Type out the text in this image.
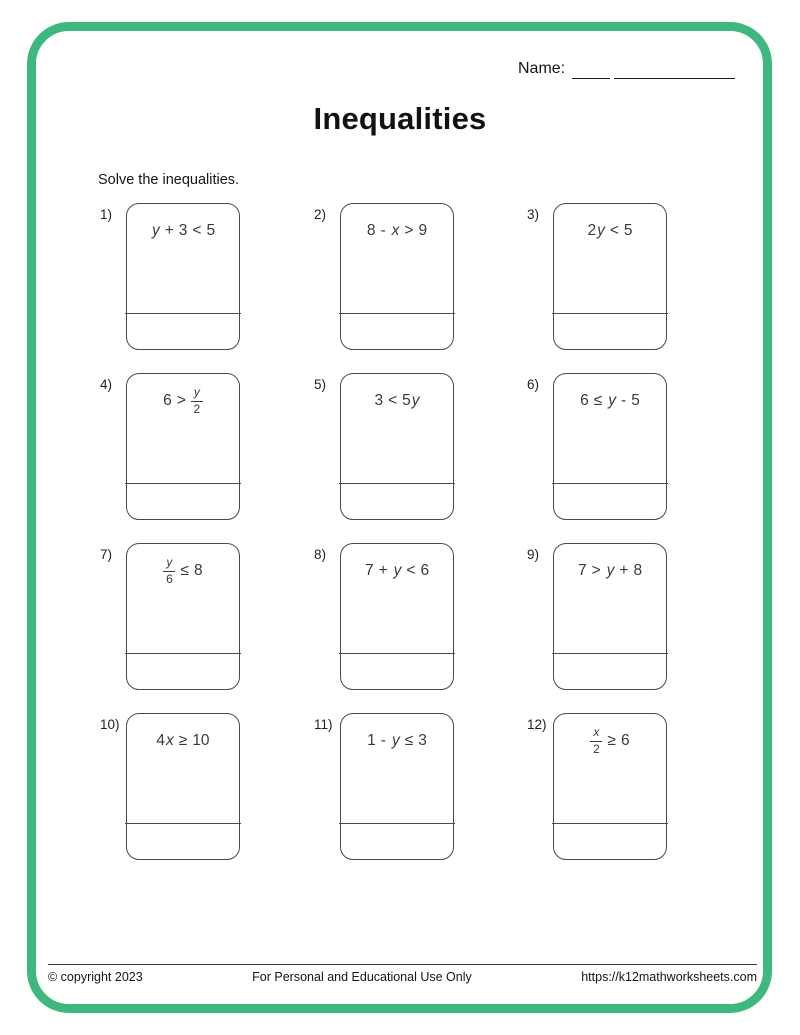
Name:
Inequalities
Solve the inequalities.
1)
y + 3 < 5
2)
8 - x > 9
3)
2 y < 5
4)
$6 > \frac{y}{2}$
5)
3 < 5 y
6)
6 ≤ y - 5
7)
$\frac{y}{6} \le 8$
8)
7 + y < 6
9)
7 > y + 8
10)
4 x ≥ 10
11)
1 - y ≤ 3
12)
$\frac{x}{2} \ge 6$
© copyright 2023	For Personal and Educational Use Only	https://k12mathworksheets.com
